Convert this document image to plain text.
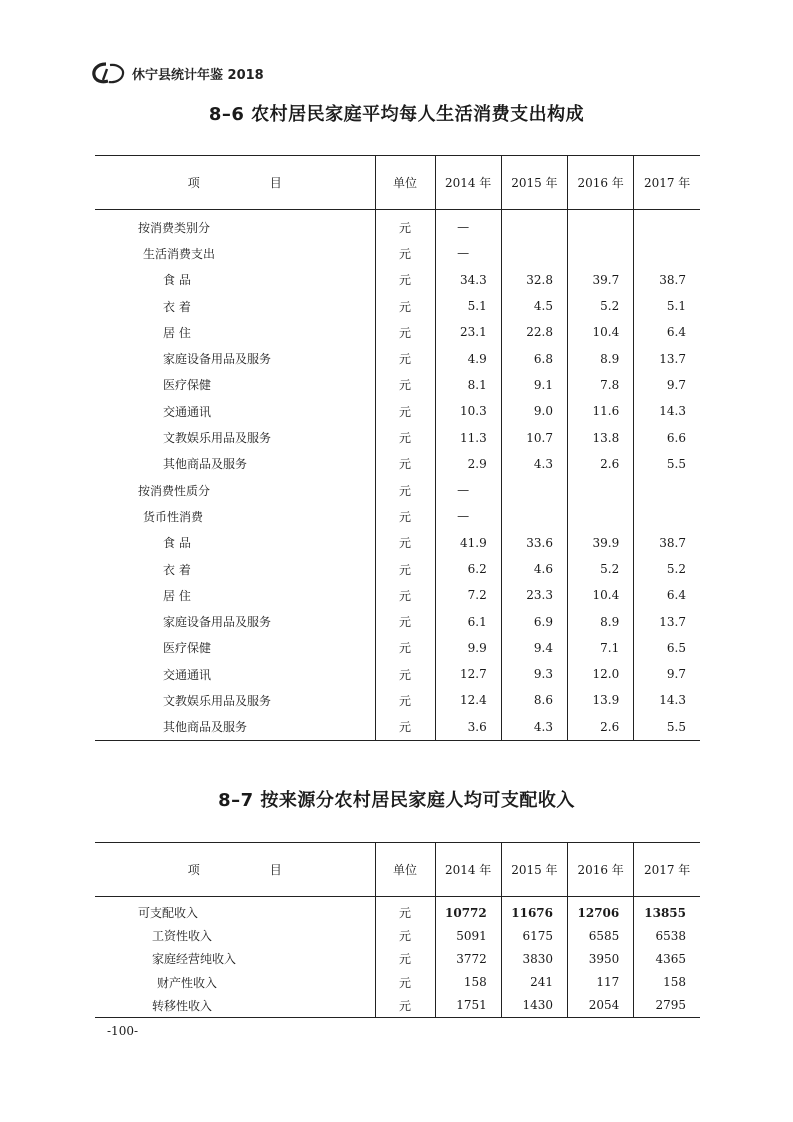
休宁县统计年鉴 2018
8–6 农村居民家庭平均每人生活消费支出构成
项 目	单位	2014 年	2015 年	2016 年	2017 年
按消费类别分	元	—			
生活消费支出	元	—			
食 品	元	34.3	32.8	39.7	38.7
衣 着	元	5.1	4.5	5.2	5.1
居 住	元	23.1	22.8	10.4	6.4
家庭设备用品及服务	元	4.9	6.8	8.9	13.7
医疗保健	元	8.1	9.1	7.8	9.7
交通通讯	元	10.3	9.0	11.6	14.3
文教娱乐用品及服务	元	11.3	10.7	13.8	6.6
其他商品及服务	元	2.9	4.3	2.6	5.5
按消费性质分	元	—			
货币性消费	元	—			
食 品	元	41.9	33.6	39.9	38.7
衣 着	元	6.2	4.6	5.2	5.2
居 住	元	7.2	23.3	10.4	6.4
家庭设备用品及服务	元	6.1	6.9	8.9	13.7
医疗保健	元	9.9	9.4	7.1	6.5
交通通讯	元	12.7	9.3	12.0	9.7
文教娱乐用品及服务	元	12.4	8.6	13.9	14.3
其他商品及服务	元	3.6	4.3	2.6	5.5
8–7 按来源分农村居民家庭人均可支配收入
项 目	单位	2014 年	2015 年	2016 年	2017 年
可支配收入	元	10772	11676	12706	13855
工资性收入	元	5091	6175	6585	6538
家庭经营纯收入	元	3772	3830	3950	4365
财产性收入	元	158	241	117	158
转移性收入	元	1751	1430	2054	2795
-100-
